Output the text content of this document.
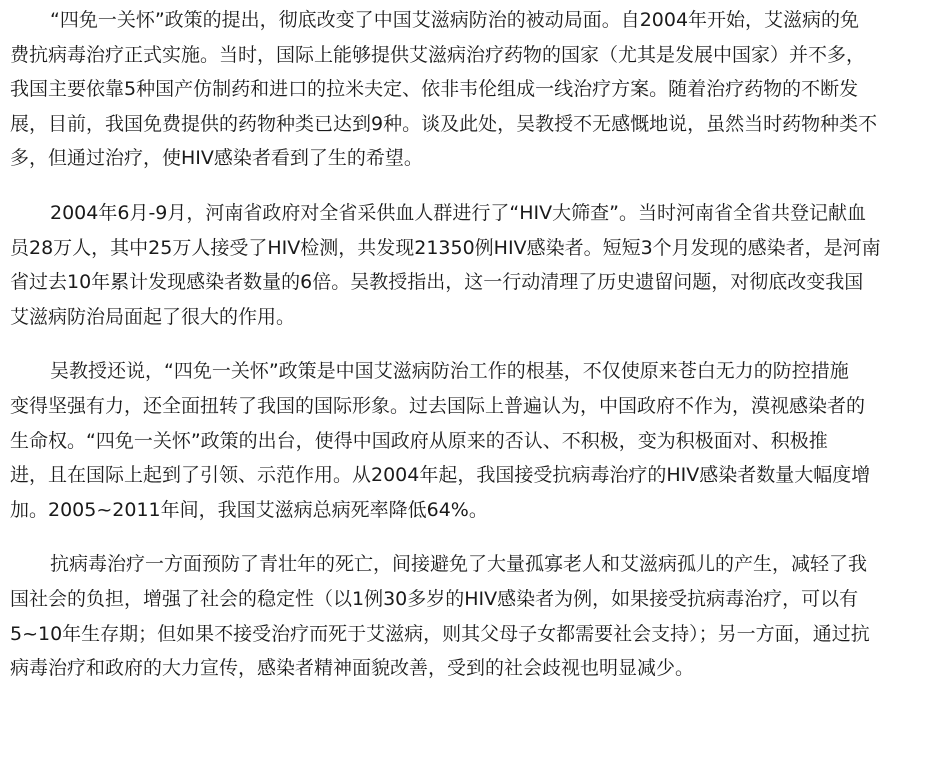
“四免一关怀”政策的提出，彻底改变了中国艾滋病防治的被动局面。自2004年开始，艾滋病的免
费抗病毒治疗正式实施。当时，国际上能够提供艾滋病治疗药物的国家（尤其是发展中国家）并不多，
我国主要依靠5种国产仿制药和进口的拉米夫定、依非韦伦组成一线治疗方案。随着治疗药物的不断发
展，目前，我国免费提供的药物种类已达到9种。谈及此处，吴教授不无感慨地说，虽然当时药物种类不
多，但通过治疗，使HIV感染者看到了生的希望。

2004年6月-9月，河南省政府对全省采供血人群进行了“HIV大筛查”。当时河南省全省共登记献血
员28万人，其中25万人接受了HIV检测，共发现21350例HIV感染者。短短3个月发现的感染者，是河南
省过去10年累计发现感染者数量的6倍。吴教授指出，这一行动清理了历史遗留问题，对彻底改变我国
艾滋病防治局面起了很大的作用。

吴教授还说，“四免一关怀”政策是中国艾滋病防治工作的根基，不仅使原来苍白无力的防控措施
变得坚强有力，还全面扭转了我国的国际形象。过去国际上普遍认为，中国政府不作为，漠视感染者的
生命权。“四免一关怀”政策的出台，使得中国政府从原来的否认、不积极，变为积极面对、积极推
进，且在国际上起到了引领、示范作用。从2004年起，我国接受抗病毒治疗的HIV感染者数量大幅度增
加。2005~2011年间，我国艾滋病总病死率降低64%。

抗病毒治疗一方面预防了青壮年的死亡，间接避免了大量孤寡老人和艾滋病孤儿的产生，减轻了我
国社会的负担，增强了社会的稳定性（以1例30多岁的HIV感染者为例，如果接受抗病毒治疗，可以有
5~10年生存期；但如果不接受治疗而死于艾滋病，则其父母子女都需要社会支持）；另一方面，通过抗
病毒治疗和政府的大力宣传，感染者精神面貌改善，受到的社会歧视也明显减少。
